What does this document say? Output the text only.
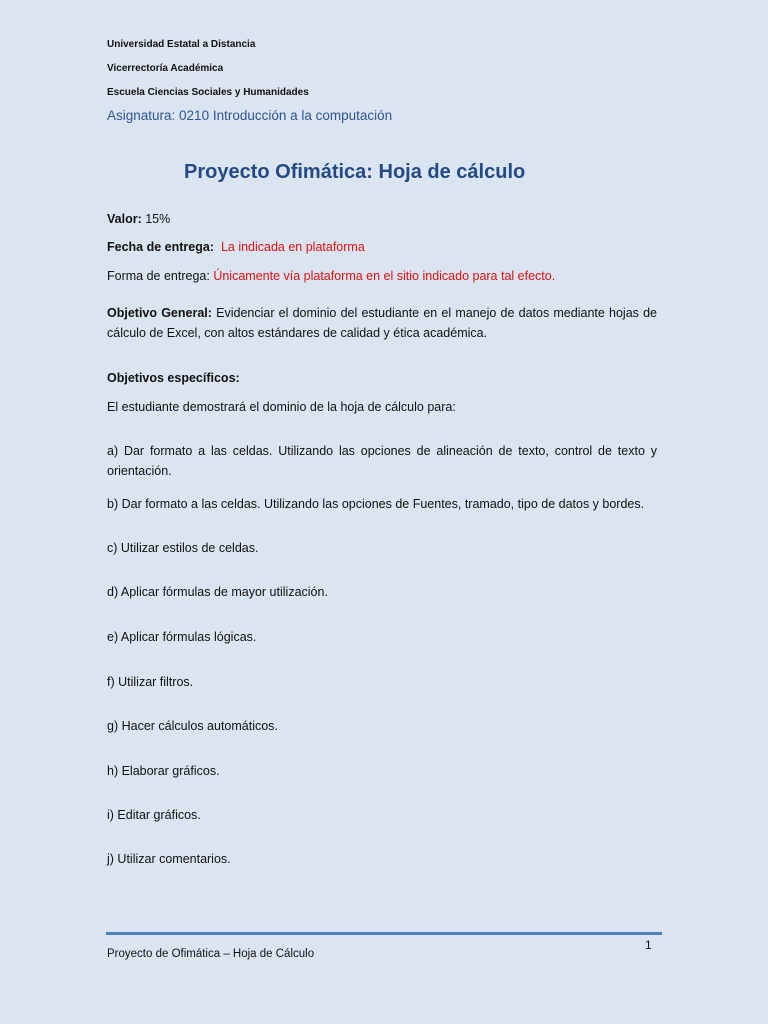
Universidad Estatal a Distancia
Vicerrectoría Académica
Escuela Ciencias Sociales y Humanidades
Asignatura: 0210 Introducción a la computación
Proyecto Ofimática: Hoja de cálculo
Valor: 15%
Fecha de entrega: La indicada en plataforma
Forma de entrega: Únicamente vía plataforma en el sitio indicado para tal efecto.
Objetivo General: Evidenciar el dominio del estudiante en el manejo de datos mediante hojas de cálculo de Excel, con altos estándares de calidad y ética académica.
Objetivos específicos:
El estudiante demostrará el dominio de la hoja de cálculo para:
a) Dar formato a las celdas. Utilizando las opciones de alineación de texto, control de texto y orientación.
b) Dar formato a las celdas. Utilizando las opciones de Fuentes, tramado, tipo de datos y bordes.
c) Utilizar estilos de celdas.
d) Aplicar fórmulas de mayor utilización.
e) Aplicar fórmulas lógicas.
f) Utilizar filtros.
g) Hacer cálculos automáticos.
h) Elaborar gráficos.
i) Editar gráficos.
j) Utilizar comentarios.
1
Proyecto de Ofimática – Hoja de Cálculo
